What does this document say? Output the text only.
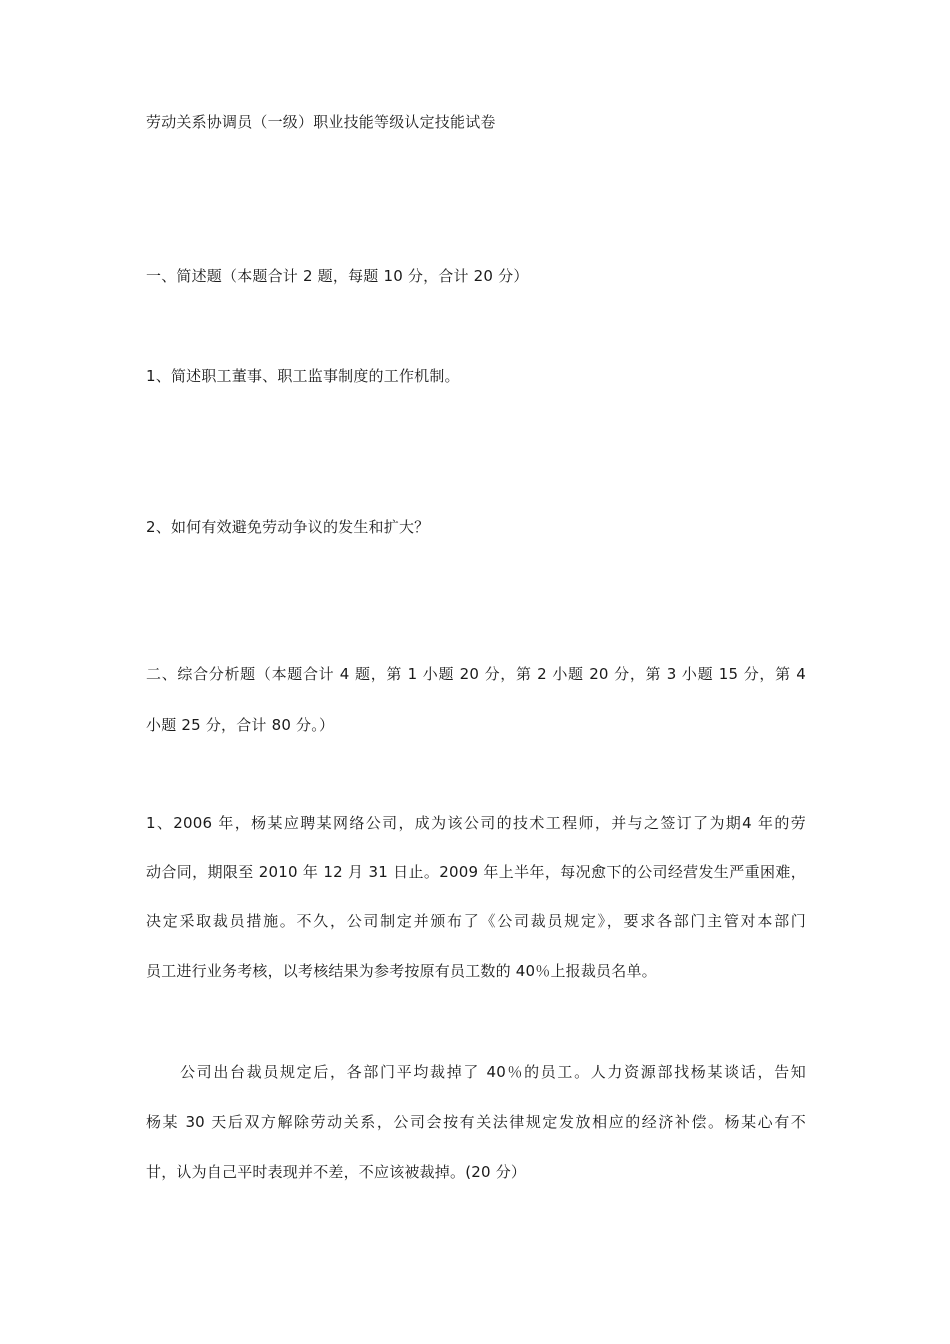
劳动关系协调员（一级）职业技能等级认定技能试卷
一、简述题（本题合计 2 题，每题 10 分，合计 20 分）
1、简述职工董事、职工监事制度的工作机制。
2、如何有效避免劳动争议的发生和扩大？
二、综合分析题（本题合计 4 题，第 1 小题 20 分，第 2 小题 20 分，第 3 小题 15 分，第 4
小题 25 分，合计 80 分。）
1、2006 年，杨某应聘某网络公司，成为该公司的技术工程师，并与之签订了为期4 年的劳
动合同，期限至 2010 年 12 月 31 日止。2009 年上半年，每况愈下的公司经营发生严重困难，
决定采取裁员措施。不久，公司制定并颁布了《公司裁员规定》，要求各部门主管对本部门
员工进行业务考核，以考核结果为参考按原有员工数的 40％上报裁员名单。
公司出台裁员规定后，各部门平均裁掉了 40％的员工。人力资源部找杨某谈话，告知
杨某 30 天后双方解除劳动关系，公司会按有关法律规定发放相应的经济补偿。杨某心有不
甘，认为自己平时表现并不差，不应该被裁掉。(20 分）
